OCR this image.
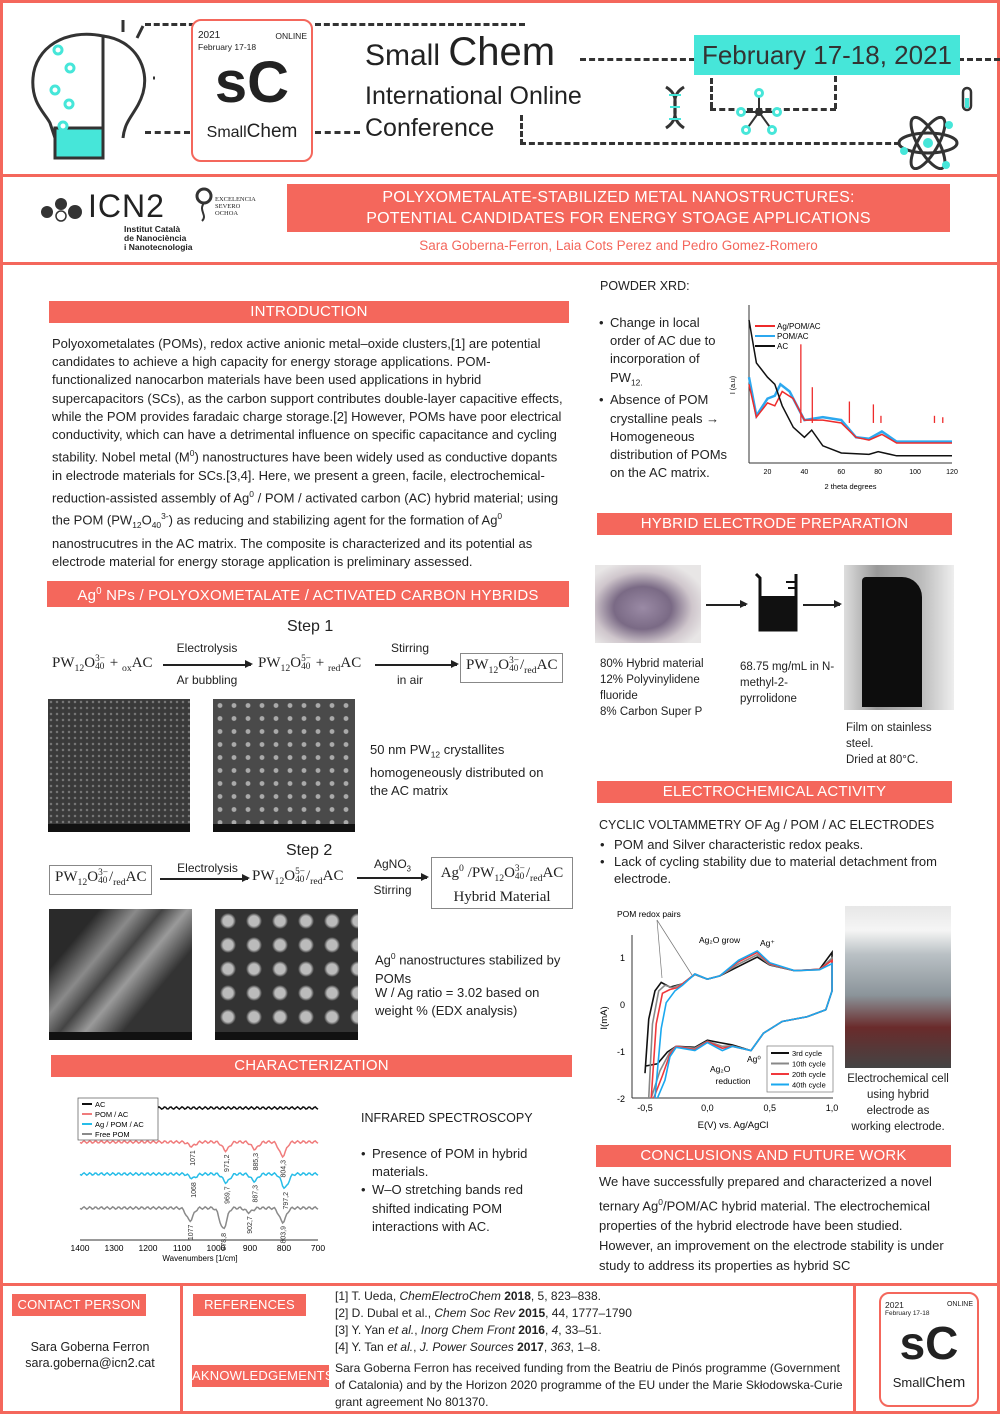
2021	ONLINE
February 17-18
sC
SmallChem
Small Chem
International Online
Conference
February 17-18, 2021
ICN2
Institut Català
de Nanociència
i Nanotecnologia
EXCELENCIA
SEVERO
OCHOA
POLYXOMETALATE-STABILIZED METAL NANOSTRUCTURES:
POTENTIAL CANDIDATES FOR ENERGY STOAGE APPLICATIONS
Sara Goberna-Ferron, Laia Cots Perez and Pedro Gomez-Romero
INTRODUCTION
Polyoxometalates (POMs), redox active anionic metal–oxide clusters,[1] are potential candidates to achieve a high capacity for energy storage applications. POM-functionalized nanocarbon materials have been used applications in hybrid supercapacitors (SCs), as the carbon support contributes double-layer capacitive effects, while the POM provides faradaic charge storage.[2] However, POMs have poor electrical conductivity, which can have a detrimental influence on specific capacitance and cycling stability. Nobel metal $(M^0)$ nanostructures have been widely used as conductive dopants in electrode materials for SCs.[3,4]. Here, we present a green, facile, electrochemical-reduction-assisted assembly of Ag$^0$ / POM / activated carbon (AC) hybrid material; using the POM $(PW_{12}O_{40}^{3-})$ as reducing and stabilizing agent for the formation of Ag$^0$ nanostrucutres in the AC matrix. The composite is characterized and its potential as electrode material for energy storage application is preliminary assessed.
Ag$^0$ NPs / POLYOXOMETALATE / ACTIVATED CARBON HYBRIDS
Step 1
$PW_{12}O$ 3−
40 + $_{ox}$AC
Electrolysis
Ar bubbling
$PW_{12}O$ 5−
40 + $_{red}$AC
Stirring
in air
$PW_{12}O$ 3−
40 $/_{red}AC$
50 nm $PW_{12}$ crystallites homogeneously distributed on the AC matrix
Step 2
$PW_{12}O$ 3−
40 $/_{red}AC$
Electrolysis $PW_{12}O$ 5−
40 $/_{red}AC$
AgNO$_3$
Stirring
Ag$^0$ $/PW_{12}O$ 3−
40 $/_{red}AC$
Hybrid Material
Ag$^0$ nanostructures stabilized by POMs
W / Ag ratio = 3.02 based on weight % (EDX analysis)
CHARACTERIZATION
1071	971,2	885,3	804,3
1068	969,7	887,3	797,2
1077
978,8
902,7
803,9
1400 1300 1200 1100 1000 900 800 700
Wavenumbers [1/cm]
AC
POM / AC
Ag / POM / AC
Free POM
INFRARED SPECTROSCOPY
• Presence of POM in hybrid materials.
• W–O stretching bands red shifted indicating POM interactions with AC.
POWDER XRD:
• Change in local order of AC due to incorporation of $PW_{12.}$
• Absence of POM crystalline peals → Homogeneous distribution of POMs on the AC matrix.
I (a.u)
20	40	60	80	100	120
2 theta degrees
Ag/POM/AC
POM/AC
AC
HYBRID ELECTRODE PREPARATION
80% Hybrid material
12% Polyvinylidene fluoride
8% Carbon Super P
68.75 mg/mL in N-methyl-2-pyrrolidone
Film on stainless steel.
Dried at 80°C.
ELECTROCHEMICAL ACTIVITY
CYCLIC VOLTAMMETRY OF Ag / POM / AC ELECTRODES
• POM and Silver characteristic redox peaks.
• Lack of cycling stability due to material detachment from electrode.
1
0
-1
-2
-0,5	0,0	0,5	1,0
E(V) vs. Ag/AgCl
I(mA)
POM redox pairs
Ag₂O grow Ag⁺
Ag⁰
Ag₂O
reduction
3rd cycle
10th cycle
20th cycle
40th cycle Electrochemical cell using hybrid electrode as working electrode.
CONCLUSIONS AND FUTURE WORK
We have successfully prepared and characterized a novel ternary Ag$^0$/POM/AC hybrid material. The electrochemical properties of the hybrid electrode have been studied. However, an improvement on the electrode stability is under study to address its properties as hybrid SC
CONTACT PERSON
Sara Goberna Ferron
sara.goberna@icn2.cat
REFERENCES
[1] T. Ueda, ChemElectroChem 2018, 5, 823–838.
[2] D. Dubal et al., Chem Soc Rev 2015, 44, 1777–1790
[3] Y. Yan et al., Inorg Chem Front 2016, 4, 33–51.
[4] Y. Tan et al., J. Power Sources 2017, 363, 1–8.
AKNOWLEDGEMENTS Sara Goberna Ferron has received funding from the Beatriu de Pinós programme (Government of Catalonia) and by the Horizon 2020 programme of the EU under the Marie Skłodowska-Curie grant agreement No 801370.
2021	ONLINE
February 17-18
sC
SmallChem
